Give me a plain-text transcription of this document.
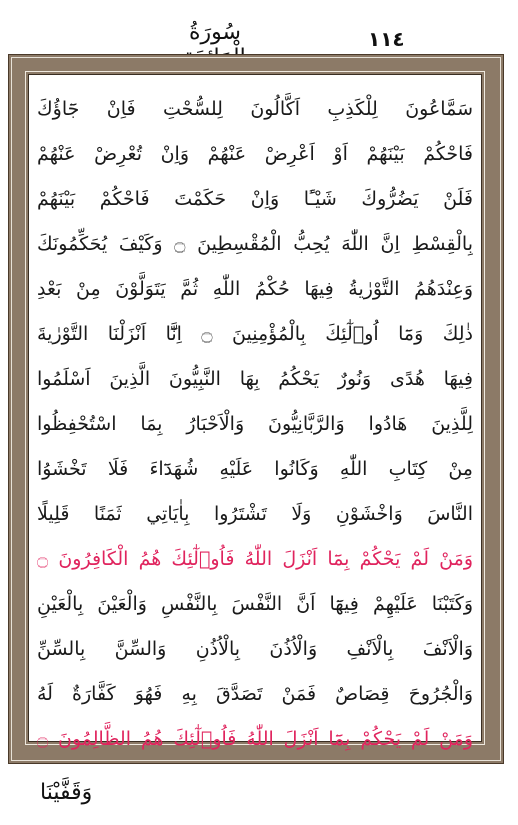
سُورَةُ	١١٤
سَمَّاعُونَ لِلْكَذِبِ اَكَّالُونَ لِلسُّحْتِ فَاِنْ جَٓاؤُكَ
فَاحْكُمْ بَيْنَهُمْ اَوْ اَعْرِضْ عَنْهُمْ وَاِنْ تُعْرِضْ عَنْهُمْ
فَلَنْ يَضُرُّوكَ شَيْـًٔا وَاِنْ حَكَمْتَ فَاحْكُمْ بَيْنَهُمْ
بِالْقِسْطِ اِنَّ اللّٰهَ يُحِبُّ الْمُقْسِطِينَ ۝ وَكَيْفَ يُحَكِّمُونَكَ
وَعِنْدَهُمُ التَّوْرٰيةُ فِيهَا حُكْمُ اللّٰهِ ثُمَّ يَتَوَلَّوْنَ مِنْ بَعْدِ
ذٰلِكَ وَمَٓا اُو۬لٰٓئِكَ بِالْمُؤْمِنِينَ ۝ اِنَّٓا اَنْزَلْنَا التَّوْرٰيةَ
فِيهَا هُدًى وَنُورٌ يَحْكُمُ بِهَا النَّبِيُّونَ الَّذِينَ اَسْلَمُوا
لِلَّذِينَ هَادُوا وَالرَّبَّانِيُّونَ وَالْاَحْبَارُ بِمَا اسْتُحْفِظُوا
مِنْ كِتَابِ اللّٰهِ وَكَانُوا عَلَيْهِ شُهَدَٓاءَ فَلَا تَخْشَوُا
النَّاسَ وَاخْشَوْنِ وَلَا تَشْتَرُوا بِاٰيَاتِي ثَمَنًا قَلِيلًا
وَمَنْ لَمْ يَحْكُمْ بِمَٓا اَنْزَلَ اللّٰهُ فَاُو۬لٰٓئِكَ هُمُ الْكَافِرُونَ ۝
وَكَتَبْنَا عَلَيْهِمْ فِيهَٓا اَنَّ النَّفْسَ بِالنَّفْسِ وَالْعَيْنَ بِالْعَيْنِ
وَالْاَنْفَ بِالْاَنْفِ وَالْاُذُنَ بِالْاُذُنِ وَالسِّنَّ بِالسِّنِّ
وَالْجُرُوحَ قِصَاصٌ فَمَنْ تَصَدَّقَ بِهِ فَهُوَ كَفَّارَةٌ لَهُ
وَمَنْ لَمْ يَحْكُمْ بِمَٓا اَنْزَلَ اللّٰهُ فَاُو۬لٰٓئِكَ هُمُ الظَّالِمُونَ ۝
وَقَفَّيْنَا
